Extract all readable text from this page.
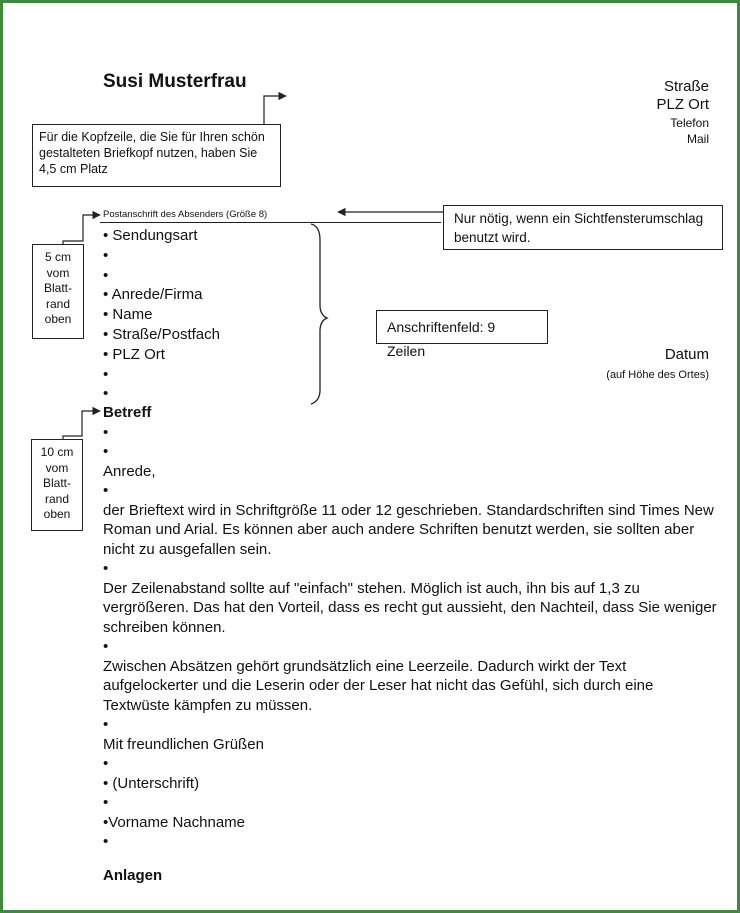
Susi Musterfrau	Straße
PLZ Ort
Telefon
Mail
Für die Kopfzeile, die Sie für Ihren schön gestalteten Briefkopf nutzen, haben Sie 4,5 cm Platz
Nur nötig, wenn ein Sichtfensterumschlag benutzt wird.
Anschriftenfeld: 9 Zeilen
5 cm vom Blatt-rand oben
10 cm vom Blatt-rand oben
Postanschrift des Absenders (Größe 8)
• Sendungsart
•
•
• Anrede/Firma
• Name
• Straße/Postfach
• PLZ Ort
•
•
Datum
(auf Höhe des Ortes)
Betreff
•
•
Anrede,
•
der Brieftext wird in Schriftgröße 11 oder 12 geschrieben. Standardschriften sind Times New Roman und Arial. Es können aber auch andere Schriften benutzt werden, sie sollten aber nicht zu ausgefallen sein.
•
Der Zeilenabstand sollte auf "einfach" stehen. Möglich ist auch, ihn bis auf 1,3 zu vergrößeren. Das hat den Vorteil, dass es recht gut aussieht, den Nachteil, dass Sie weniger schreiben können.
•
Zwischen Absätzen gehört grundsätzlich eine Leerzeile. Dadurch wirkt der Text aufgelockerter und die Leserin oder der Leser hat nicht das Gefühl, sich durch eine Textwüste kämpfen zu müssen.
•
Mit freundlichen Grüßen
•
• (Unterschrift)
•
•Vorname Nachname
•
Anlagen
